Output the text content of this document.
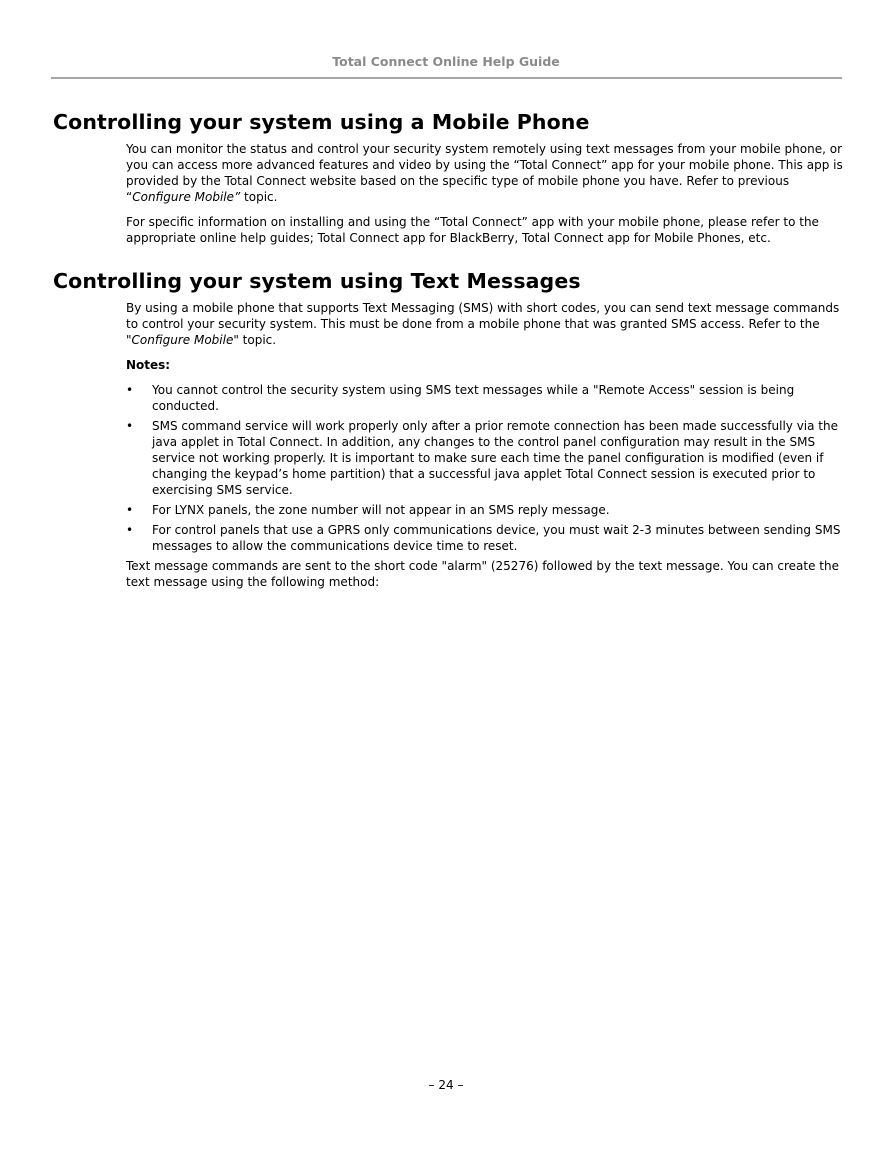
Total Connect Online Help Guide
Controlling your system using a Mobile Phone

You can monitor the status and control your security system remotely using text messages from your mobile phone, or you can access more advanced features and video by using the “Total Connect” app for your mobile phone. This app is provided by the Total Connect website based on the specific type of mobile phone you have. Refer to previous “Configure Mobile” topic.

For specific information on installing and using the “Total Connect” app with your mobile phone, please refer to the appropriate online help guides; Total Connect app for BlackBerry, Total Connect app for Mobile Phones, etc.

Controlling your system using Text Messages

By using a mobile phone that supports Text Messaging (SMS) with short codes, you can send text message commands to control your security system. This must be done from a mobile phone that was granted SMS access. Refer to the "Configure Mobile" topic.

Notes:
•	You cannot control the security system using SMS text messages while a "Remote Access" session is being conducted.
•	SMS command service will work properly only after a prior remote connection has been made successfully via the java applet in Total Connect. In addition, any changes to the control panel configuration may result in the SMS service not working properly. It is important to make sure each time the panel configuration is modified (even if changing the keypad’s home partition) that a successful java applet Total Connect session is executed prior to exercising SMS service.
•	For LYNX panels, the zone number will not appear in an SMS reply message.
•	For control panels that use a GPRS only communications device, you must wait 2-3 minutes between sending SMS messages to allow the communications device time to reset.

Text message commands are sent to the short code "alarm" (25276) followed by the text message. You can create the text message using the following method:

– 24 –
